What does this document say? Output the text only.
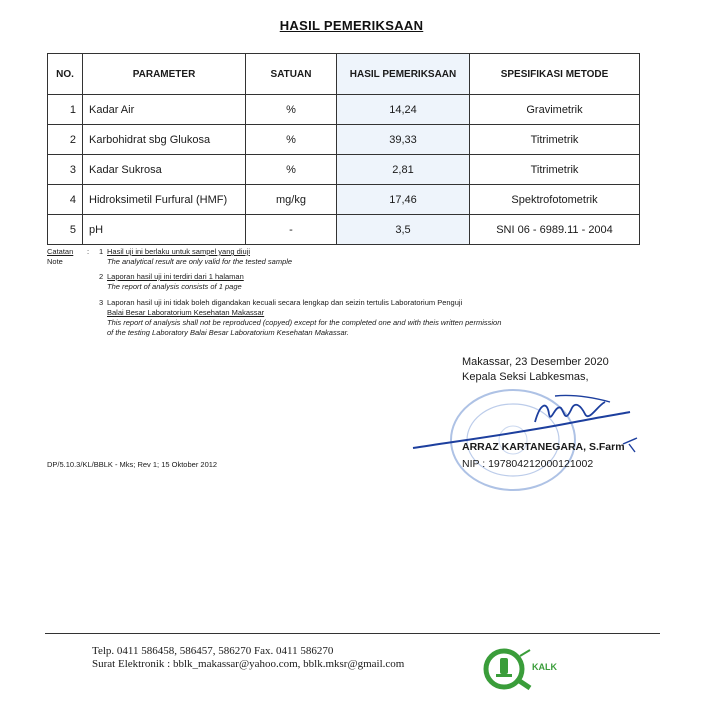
HASIL PEMERIKSAAN
NO.	PARAMETER	SATUAN	HASIL PEMERIKSAAN	SPESIFIKASI METODE
1	Kadar Air	%	14,24	Gravimetrik
2	Karbohidrat sbg Glukosa	%	39,33	Titrimetrik
3	Kadar Sukrosa	%	2,81	Titrimetrik
4	Hidroksimetil Furfural (HMF)	mg/kg	17,46	Spektrofotometrik
5	pH	-	3,5	SNI 06 - 6989.11 - 2004
Catatan
Note
: 1 Hasil uji ini berlaku untuk sampel yang diuji
The analytical result are only valid for the tested sample
2 Laporan hasil uji ini terdiri dari 1 halaman
The report of analysis consists of 1 page
3 Laporan hasil uji ini tidak boleh digandakan kecuali secara lengkap dan seizin tertulis Laboratorium Penguji
Balai Besar Laboratorium Kesehatan Makassar
This report of analysis shall not be reproduced (copyed) except for the completed one and with theis written permission
of the testing Laboratory Balai Besar Laboratorium Kesehatan Makassar.
DP/5.10.3/KL/BBLK - Mks; Rev 1; 15 Oktober 2012
Makassar, 23 Desember 2020
Kepala Seksi Labkesmas,
ARRAZ KARTANEGARA, S.Farm
NIP : 197804212000121002
Telp. 0411 586458, 586457, 586270 Fax. 0411 586270
Surat Elektronik : bblk_makassar@yahoo.com, bblk.mksr@gmail.com	KALK
